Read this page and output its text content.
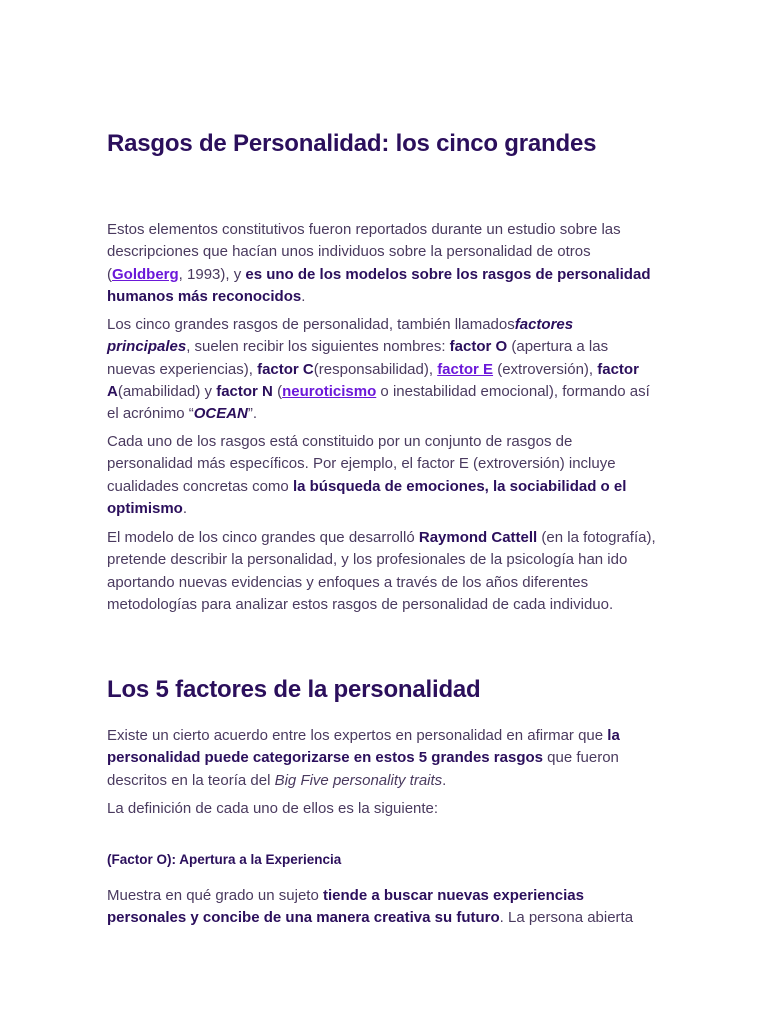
Rasgos de Personalidad: los cinco grandes

Estos elementos constitutivos fueron reportados durante un estudio sobre las descripciones que hacían unos individuos sobre la personalidad de otros (Goldberg, 1993), y es uno de los modelos sobre los rasgos de personalidad humanos más reconocidos.

Los cinco grandes rasgos de personalidad, también llamadosfactores principales, suelen recibir los siguientes nombres: factor O (apertura a las nuevas experiencias), factor C(responsabilidad), factor E (extroversión), factor A(amabilidad) y factor N (neuroticismo o inestabilidad emocional), formando así el acrónimo “OCEAN”.

Cada uno de los rasgos está constituido por un conjunto de rasgos de personalidad más específicos. Por ejemplo, el factor E (extroversión) incluye cualidades concretas como la búsqueda de emociones, la sociabilidad o el optimismo.

El modelo de los cinco grandes que desarrolló Raymond Cattell (en la fotografía), pretende describir la personalidad, y los profesionales de la psicología han ido aportando nuevas evidencias y enfoques a través de los años diferentes metodologías para analizar estos rasgos de personalidad de cada individuo.

Los 5 factores de la personalidad

Existe un cierto acuerdo entre los expertos en personalidad en afirmar que la personalidad puede categorizarse en estos 5 grandes rasgos que fueron descritos en la teoría del Big Five personality traits.

La definición de cada uno de ellos es la siguiente:

(Factor O): Apertura a la Experiencia

Muestra en qué grado un sujeto tiende a buscar nuevas experiencias personales y concibe de una manera creativa su futuro. La persona abierta
